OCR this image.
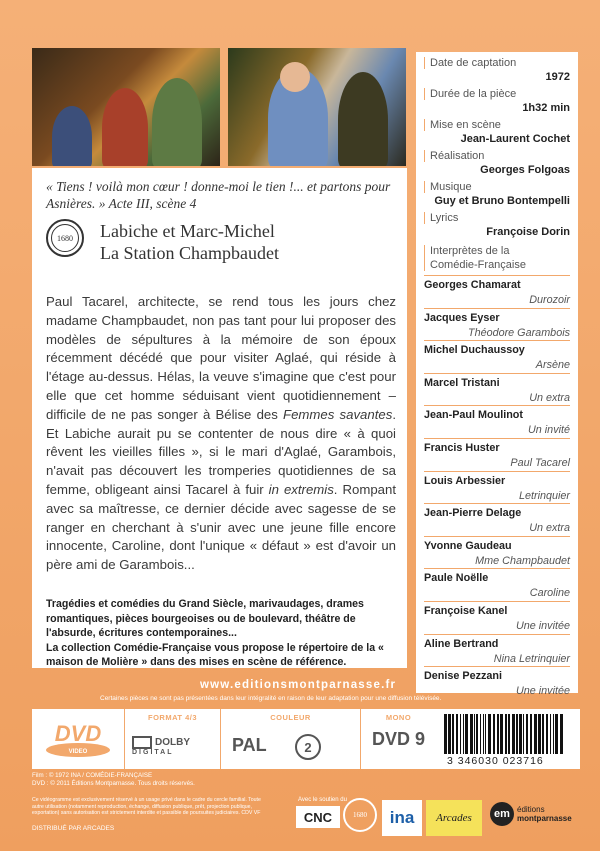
« Tiens ! voilà mon cœur ! donne-moi le tien !... et partons pour Asnières. » Acte III, scène 4
1680 Labiche et Marc-Michel
La Station Champbaudet
Paul Tacarel, architecte, se rend tous les jours chez madame Champbaudet, non pas tant pour lui proposer des modèles de sépultures à la mémoire de son époux récemment décédé que pour visiter Aglaé, qui réside à l'étage au-dessus. Hélas, la veuve s'imagine que c'est pour elle que cet homme séduisant vient quotidiennement – difficile de ne pas songer à Bélise des Femmes savantes. Et Labiche aurait pu se contenter de nous dire « à quoi rêvent les vieilles filles », si le mari d'Aglaé, Garambois, n'avait pas découvert les tromperies quotidiennes de sa femme, obligeant ainsi Tacarel à fuir in extremis. Rompant avec sa maîtresse, ce dernier décide avec sagesse de se ranger en cherchant à s'unir avec une jeune fille encore innocente, Caroline, dont l'unique « défaut » est d'avoir un père ami de Garambois...
Tragédies et comédies du Grand Siècle, marivaudages, drames romantiques, pièces bourgeoises ou de boulevard, théâtre de l'absurde, écritures contemporaines...
La collection Comédie-Française vous propose le répertoire de la « maison de Molière » dans des mises en scène de référence.
Date de captation
1972
Durée de la pièce
1h32 min
Mise en scène
Jean-Laurent Cochet
Réalisation
Georges Folgoas
Musique
Guy et Bruno Bontempelli
Lyrics
Françoise Dorin
Interprètes de la Comédie-Française
Georges Chamarat
Durozoir
Jacques Eyser
Théodore Garambois
Michel Duchaussoy
Arsène
Marcel Tristani
Un extra
Jean-Paul Moulinot
Un invité
Francis Huster
Paul Tacarel
Louis Arbessier
Letrinquier
Jean-Pierre Delage
Un extra
Yvonne Gaudeau
Mme Champbaudet
Paule Noëlle
Caroline
Françoise Kanel
Une invitée
Aline Bertrand
Nina Letrinquier
Denise Pezzani
Une invitée
www.editionsmontparnasse.fr
Certaines pièces ne sont pas présentées dans leur intégralité en raison de leur adaptation pour une diffusion télévisée.
DVD
VIDEO
FORMAT 4/3
DOLBY
DIGITAL
COULEUR
PAL	2
MONO
DVD 9
3 346030 023716
Film : © 1972 INA / COMÉDIE-FRANÇAISE
DVD : © 2011 Éditions Montparnasse. Tous droits réservés.
Ce vidéogramme est exclusivement réservé à un usage privé dans le cadre du cercle familial. Toute autre utilisation (notamment reproduction, échange, diffusion publique, prêt, projection publique, exportation) sans autorisation est strictement interdite et passible de poursuites judiciaires. CDV VF
DISTRIBUÉ PAR ARCADES
Avec le soutien du
CNC	1680 ina Arcades	em éditions
montparnasse
